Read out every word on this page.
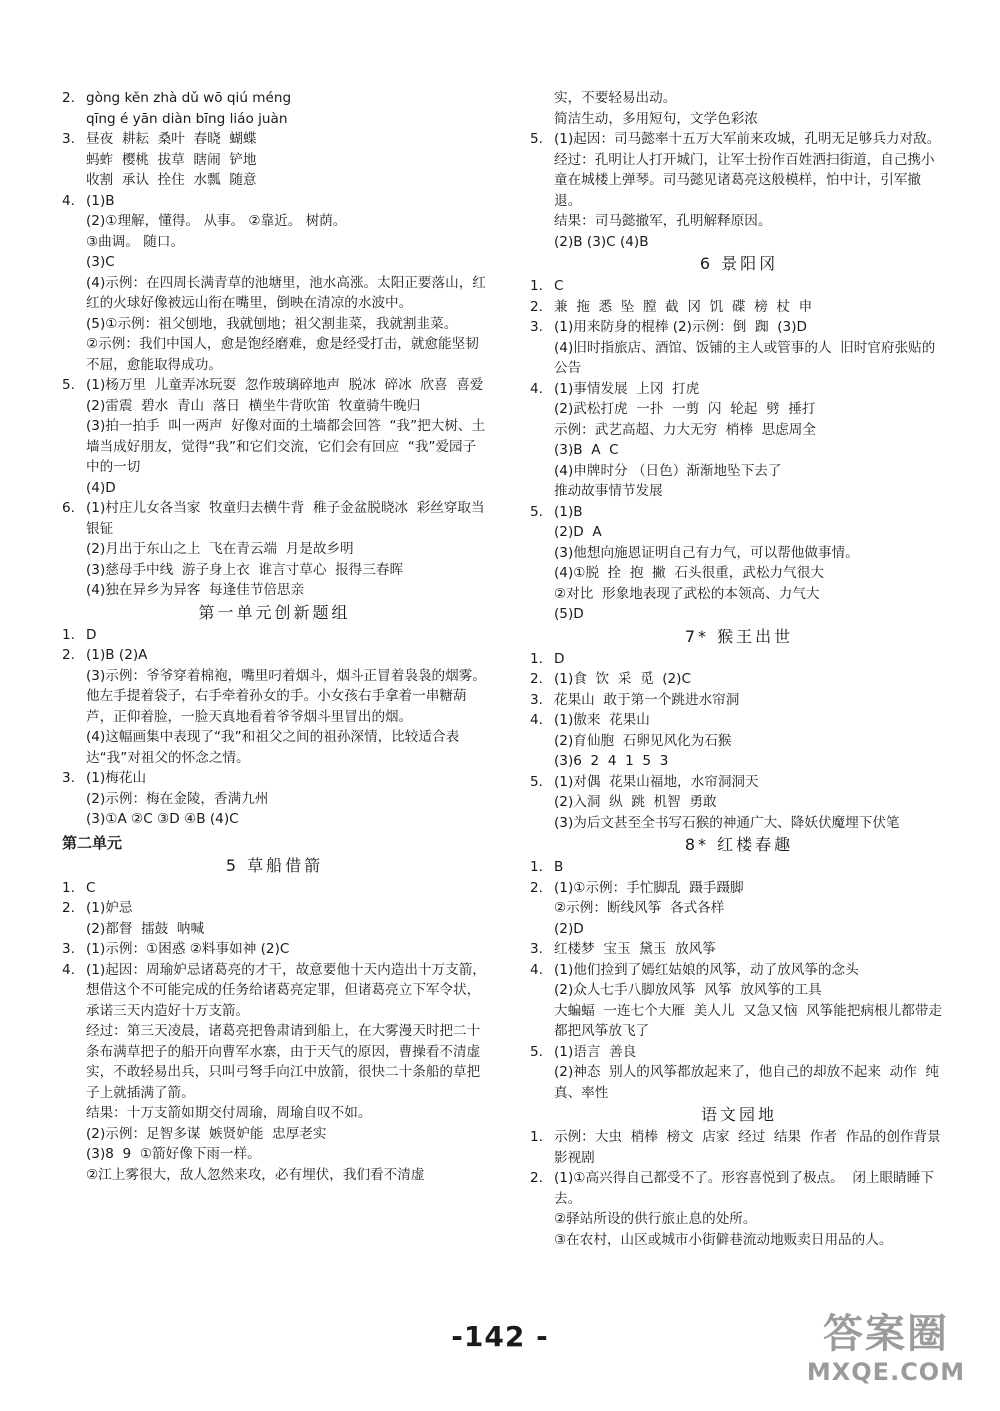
2. gòng kěn zhà dǔ wō qiú méng
qīng é yān diàn bīng liáo juàn
3. 昼夜  耕耘  桑叶  春晓  蝴蝶
蚂蚱  樱桃  拔草  瞎闹  铲地
收割  承认  拴住  水瓢  随意
4. (1)B
(2)①理解，懂得。 从事。 ②靠近。 树荫。
③曲调。 随口。
(3)C
(4)示例：在四周长满青草的池塘里，池水高涨。太阳正要落山，红红的火球好像被远山衔在嘴里，倒映在清凉的水波中。
(5)①示例：祖父刨地，我就刨地；祖父割韭菜，我就割韭菜。
②示例：我们中国人，愈是饱经磨难，愈是经受打击，就愈能坚韧不屈，愈能取得成功。
5. (1)杨万里  儿童弄冰玩耍  忽作玻璃碎地声  脱冰  碎冰  欣喜  喜爱
(2)雷震  碧水  青山  落日  横坐牛背吹笛  牧童骑牛晚归
(3)拍一拍手  叫一两声  好像对面的土墙都会回答  “我”把大树、土墙当成好朋友，觉得“我”和它们交流，它们会有回应  “我”爱园子中的一切
(4)D
6. (1)村庄儿女各当家  牧童归去横牛背  稚子金盆脱晓冰  彩丝穿取当银钲
(2)月出于东山之上  飞在青云端  月是故乡明
(3)慈母手中线  游子身上衣  谁言寸草心  报得三春晖
(4)独在异乡为异客  每逢佳节倍思亲
第一单元创新题组
1. D
2. (1)B (2)A
(3)示例：爷爷穿着棉袍，嘴里叼着烟斗，烟斗正冒着袅袅的烟雾。他左手提着袋子，右手牵着孙女的手。小女孩右手拿着一串糖葫芦，正仰着脸，一脸天真地看着爷爷烟斗里冒出的烟。
(4)这幅画集中表现了“我”和祖父之间的祖孙深情，比较适合表达“我”对祖父的怀念之情。
3. (1)梅花山
(2)示例：梅在金陵，香满九州
(3)①A ②C ③D ④B (4)C
第二单元
5 草船借箭
1. C
2. (1)妒忌
(2)都督  擂鼓  呐喊
3. (1)示例：①困惑 ②料事如神 (2)C
4. (1)起因：周瑜妒忌诸葛亮的才干，故意要他十天内造出十万支箭，想借这个不可能完成的任务给诸葛亮定罪，但诸葛亮立下军令状，承诺三天内造好十万支箭。
经过：第三天凌晨，诸葛亮把鲁肃请到船上，在大雾漫天时把二十条布满草把子的船开向曹军水寨，由于天气的原因，曹操看不清虚实，不敢轻易出兵，只叫弓弩手向江中放箭，很快二十条船的草把子上就插满了箭。
结果：十万支箭如期交付周瑜，周瑜自叹不如。
(2)示例：足智多谋  嫉贤妒能  忠厚老实
(3)8  9  ①箭好像下雨一样。
②江上雾很大，敌人忽然来攻，必有埋伏，我们看不清虚
实，不要轻易出动。
简洁生动，多用短句，文学色彩浓
5. (1)起因：司马懿率十五万大军前来攻城，孔明无足够兵力对敌。
经过：孔明让人打开城门，让军士扮作百姓洒扫街道，自己携小童在城楼上弹琴。司马懿见诸葛亮这般模样，怕中计，引军撤退。
结果：司马懿撤军，孔明解释原因。
(2)B (3)C (4)B
6 景阳冈
1. C
2. 兼  拖  悉  坠  膛  截  冈  饥  碟  榜  杖  申
3. (1)用来防身的棍棒 (2)示例：倒  踟  (3)D
(4)旧时指旅店、酒馆、饭铺的主人或管事的人  旧时官府张贴的公告
4. (1)事情发展  上冈  打虎
(2)武松打虎  一扑  一剪  闪  轮起  劈  捶打
示例：武艺高超、力大无穷  梢棒  思虑周全
(3)B  A  C
(4)申牌时分 （日色）渐渐地坠下去了
推动故事情节发展
5. (1)B
(2)D  A
(3)他想向施恩证明自己有力气，可以帮他做事情。
(4)①脱  拴  抱  撇  石头很重，武松力气很大
②对比  形象地表现了武松的本领高、力气大
(5)D
7* 猴王出世
1. D
2. (1)食  饮  采  觅  (2)C
3. 花果山  敢于第一个跳进水帘洞
4. (1)傲来  花果山
(2)育仙胞  石卵见风化为石猴
(3)6  2  4  1  5  3
5. (1)对偶  花果山福地，水帘洞洞天
(2)入洞  纵  跳  机智  勇敢
(3)为后文甚至全书写石猴的神通广大、降妖伏魔埋下伏笔
8* 红楼春趣
1. B
2. (1)①示例：手忙脚乱  蹑手蹑脚
②示例：断线风筝  各式各样
(2)D
3. 红楼梦  宝玉  黛玉  放风筝
4. (1)他们捡到了嫣红姑娘的风筝，动了放风筝的念头
(2)众人七手八脚放风筝  风筝  放风筝的工具
大蝙蝠  一连七个大雁  美人儿  又急又恼  风筝能把病根儿都带走  都把风筝放飞了
5. (1)语言  善良
(2)神态  别人的风筝都放起来了，他自己的却放不起来  动作  纯真、率性
语文园地
1. 示例：大虫  梢棒  榜文  店家  经过  结果  作者  作品的创作背景  影视剧
2. (1)①高兴得自己都受不了。形容喜悦到了极点。  闭上眼睛睡下去。
②驿站所设的供行旅止息的处所。
③在农村，山区或城市小街僻巷流动地贩卖日用品的人。
-142 -	答案圈
MXQE.COM
